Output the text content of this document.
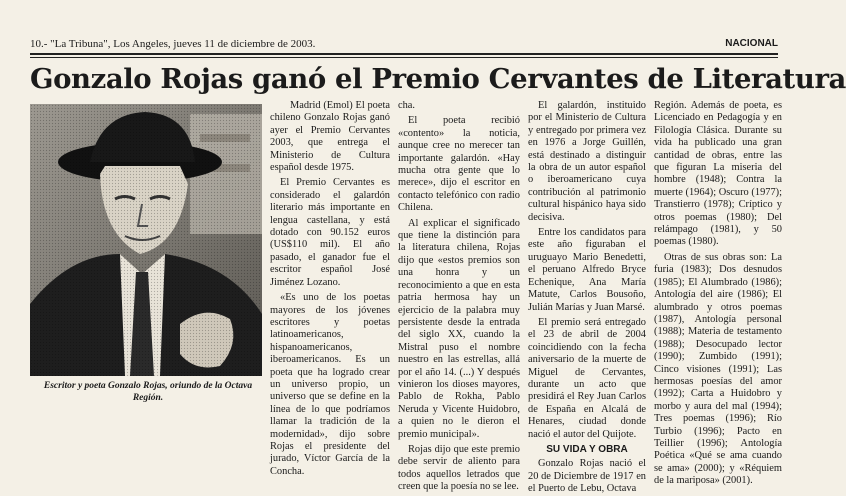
10.- "La Tribuna", Los Angeles, jueves 11 de diciembre de 2003.	NACIONAL
Gonzalo Rojas ganó el Premio Cervantes de Literatura
Escritor y poeta Gonzalo Rojas, oriundo de la Octava Región.

Madrid (Emol) El poeta chileno Gonzalo Rojas ganó ayer el Premio Cervantes 2003, que entrega el Ministerio de Cultura español desde 1975.

El Premio Cervantes es considerado el galardón literario más importante en lengua castellana, y está dotado con 90.152 euros (US$110 mil). El año pasado, el ganador fue el escritor español José Jiménez Lozano.

«Es uno de los poetas mayores de los jóvenes escritores y poetas latinoamericanos, hispanoamericanos, iberoamericanos. Es un poeta que ha logrado crear un universo propio, un universo que se define en la línea de lo que podríamos llamar la tradición de la modernidad», dijo sobre Rojas el presidente del jurado, Víctor García de la Concha.

cha.

El poeta recibió «contento» la noticia, aunque cree no merecer tan importante galardón. «Hay mucha otra gente que lo merece», dijo el escritor en contacto telefónico con radio Chilena.

Al explicar el significado que tiene la distinción para la literatura chilena, Rojas dijo que «estos premios son una honra y un reconocimiento a que en esta patria hermosa hay un ejercicio de la palabra muy persistente desde la entrada del siglo XX, cuando la Mistral puso el nombre nuestro en las estrellas, allá por el año 14. (...) Y después vinieron los dioses mayores, Pablo de Rokha, Pablo Neruda y Vicente Huidobro, a quien no le dieron el premio municipal».

Rojas dijo que este premio debe servir de aliento para todos aquellos letrados que creen que la poesía no se lee.

El galardón, instituido por el Ministerio de Cultura y entregado por primera vez en 1976 a Jorge Guillén, está destinado a distinguir la obra de un autor español o iberoamericano cuya contribución al patrimonio cultural hispánico haya sido decisiva.

Entre los candidatos para este año figuraban el uruguayo Mario Benedetti, el peruano Alfredo Bryce Echenique, Ana María Matute, Carlos Bousoño, Julián Marías y Juan Marsé.

El premio será entregado el 23 de abril de 2004 coincidiendo con la fecha aniversario de la muerte de Miguel de Cervantes, durante un acto que presidirá el Rey Juan Carlos de España en Alcalá de Henares, ciudad donde nació el autor del Quijote.

SU VIDA Y OBRA

Gonzalo Rojas nació el 20 de Diciembre de 1917 en el Puerto de Lebu, Octava

Región. Además de poeta, es Licenciado en Pedagogía y en Filología Clásica. Durante su vida ha publicado una gran cantidad de obras, entre las que figuran La miseria del hombre (1948); Contra la muerte (1964); Oscuro (1977); Transtierro (1978); Críptico y otros poemas (1980); Del relámpago (1981), y 50 poemas (1980).

Otras de sus obras son: La furia (1983); Dos desnudos (1985); El Alumbrado (1986); Antología del aire (1986); El alumbrado y otros poemas (1987), Antología personal (1988); Materia de testamento (1988); Desocupado lector (1990); Zumbido (1991); Cinco visiones (1991); Las hermosas poesías del amor (1992); Carta a Huidobro y morbo y aura del mal (1994); Tres poemas (1996); Río Turbio (1996); Pacto en Teillier (1996); Antología Poética «Qué se ama cuando se ama» (2000); y «Réquiem de la mariposa» (2001).
